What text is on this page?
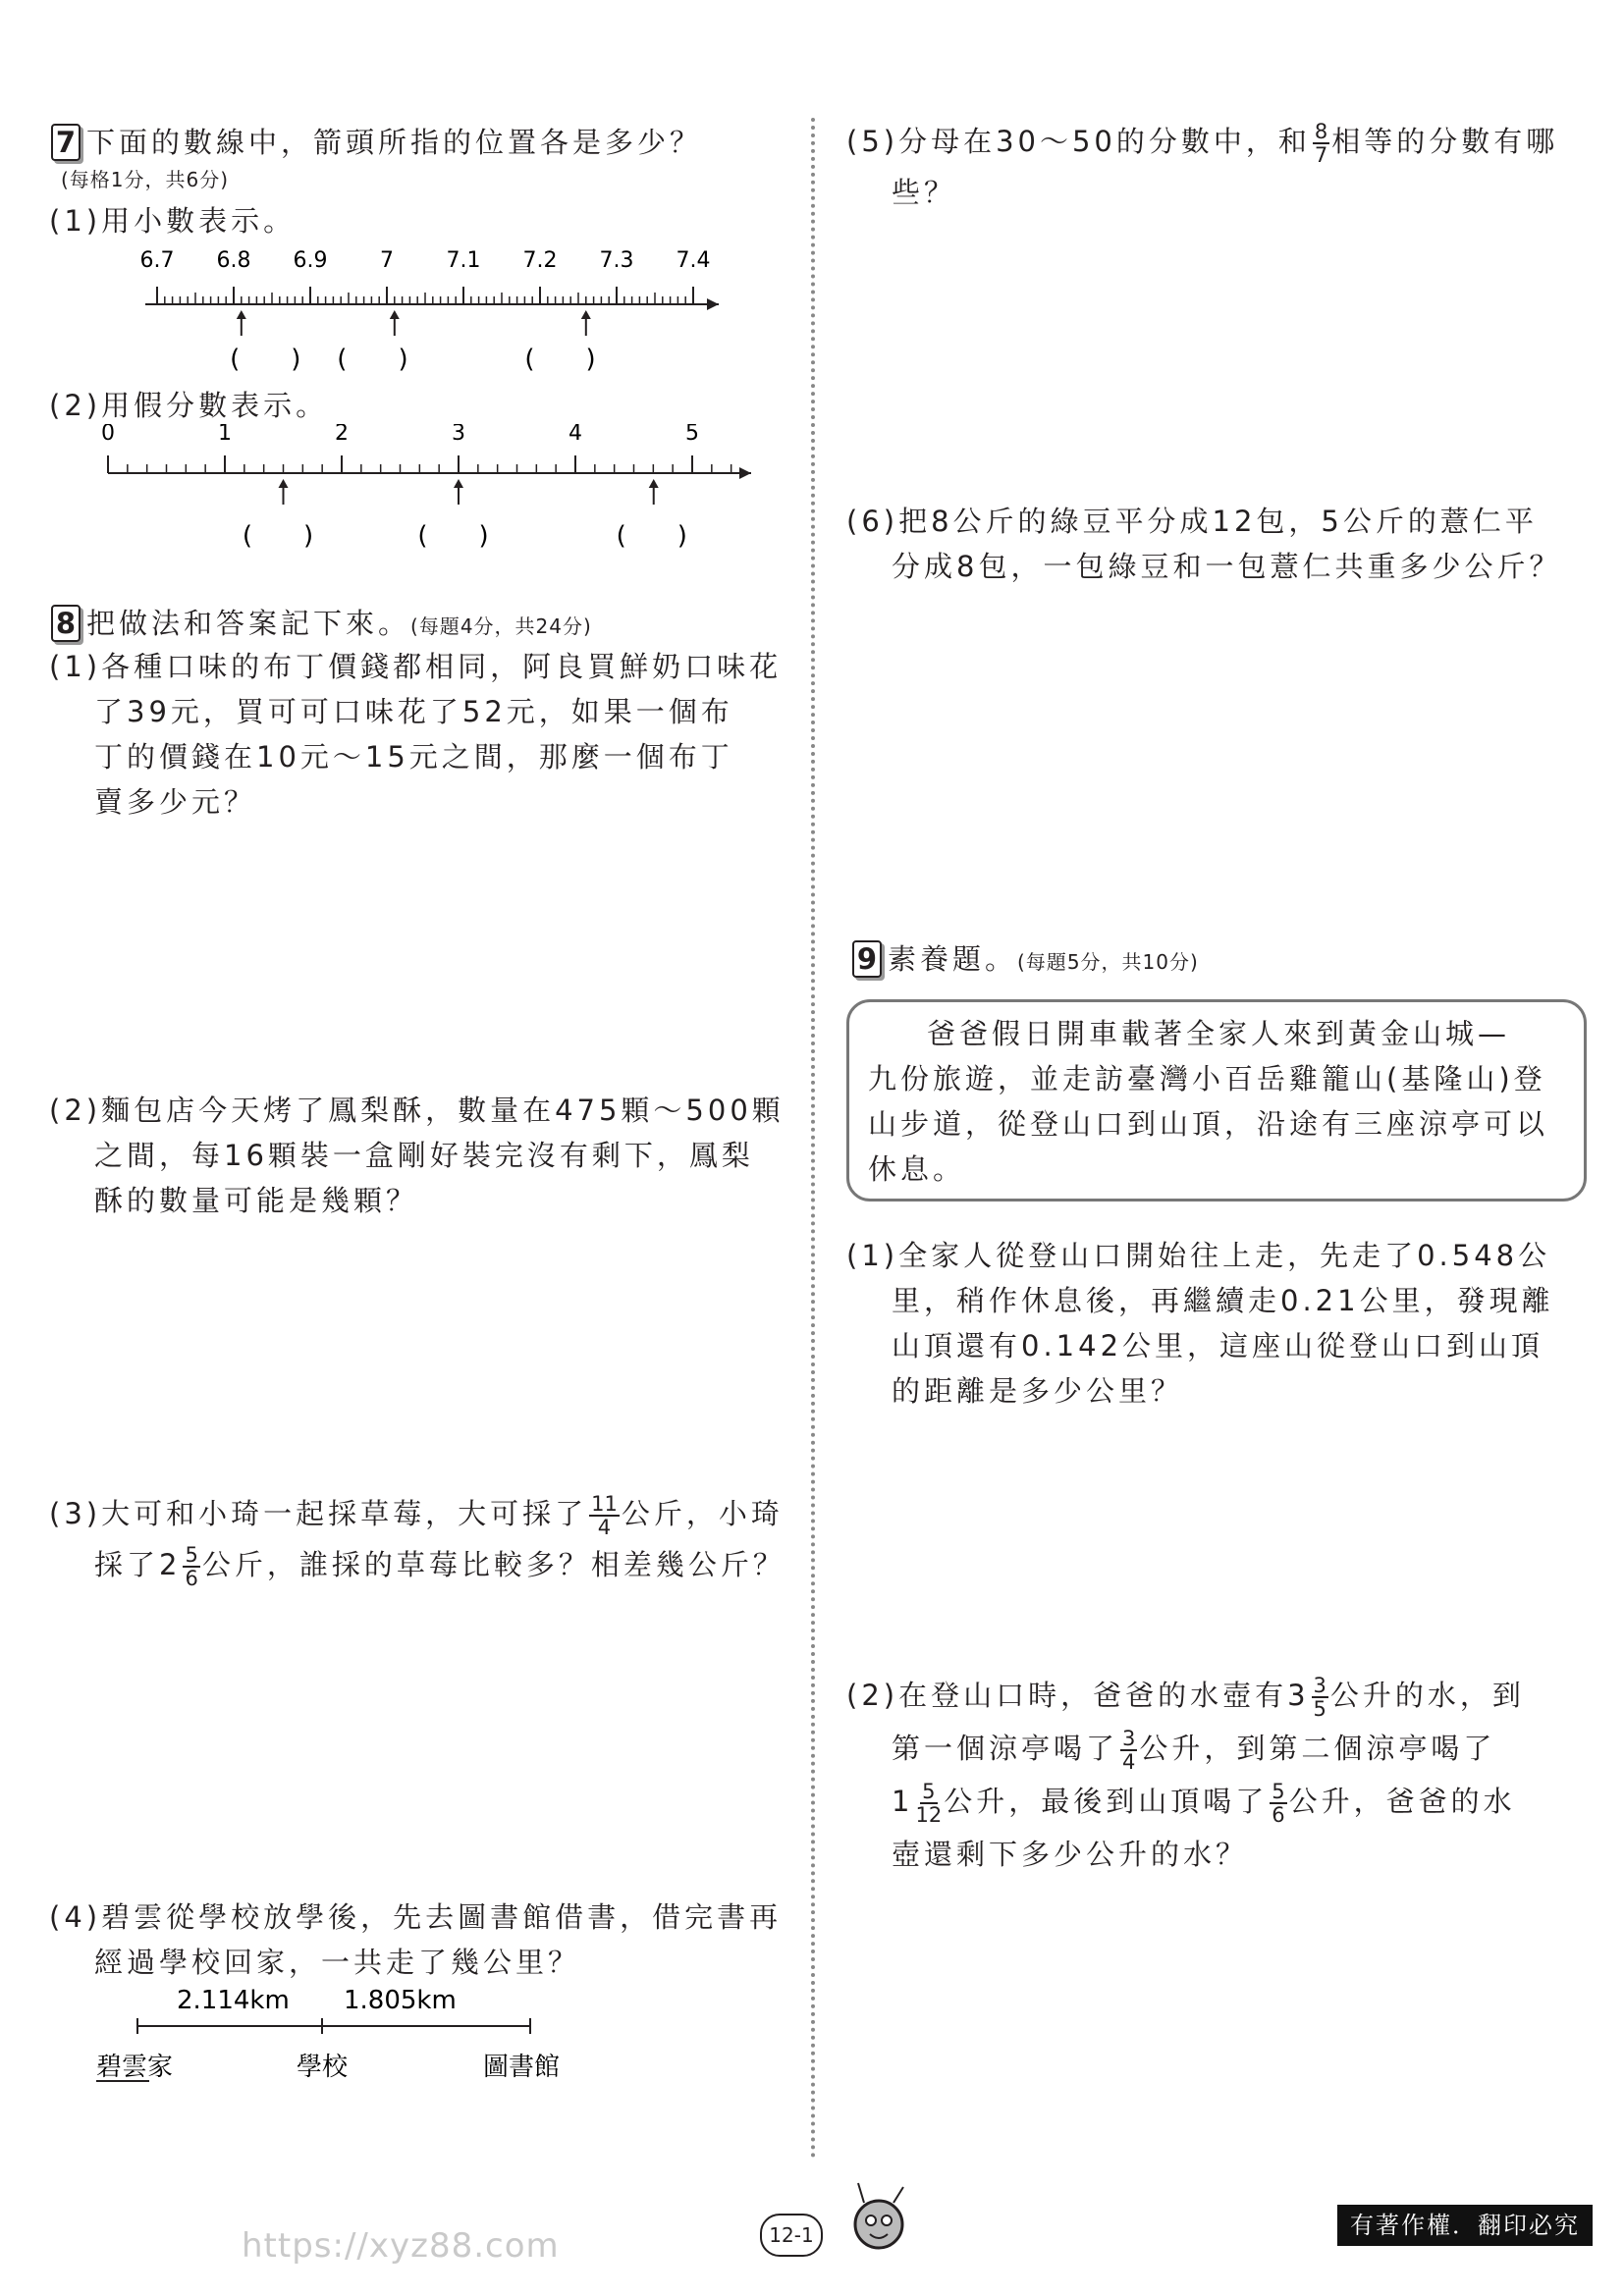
7 下面的數線中，箭頭所指的位置各是多少？
(每格1分，共6分)
(1)用小數表示。
6.7 6.8 6.9 7 7.1 7.2 7.3 7.4
(　　) (　　)	(　　)
(2)用假分數表示。
0	1	2	3	4	5
(　　)	(　　)	(　　)
8 把做法和答案記下來。(每題4分，共24分)
(1)各種口味的布丁價錢都相同，阿良買鮮奶口味花
了39元，買可可口味花了52元，如果一個布
丁的價錢在10元～15元之間，那麼一個布丁
賣多少元？
(2)麵包店今天烤了鳳梨酥，數量在475顆～500顆
之間，每16顆裝一盒剛好裝完沒有剩下，鳳梨
酥的數量可能是幾顆？
(3)大可和小琦一起採草莓，大可採了 $\frac{11}{4}$ 公斤，小琦
採了$2 \frac{5}{6}$ 公斤，誰採的草莓比較多？相差幾公斤？
(4)碧雲從學校放學後，先去圖書館借書，借完書再
經過學校回家，一共走了幾公里？
2.114km 1.805km
碧雲家	學校	圖書館
(5)分母在30～50的分數中，和 $\frac{8}{7}$ 相等的分數有哪
些？
(6)把8公斤的綠豆平分成12包，5公斤的薏仁平
分成8包，一包綠豆和一包薏仁共重多少公斤？
9 素養題。(每題5分，共10分)
爸爸假日開車載著全家人來到黃金山城—
九份旅遊，並走訪臺灣小百岳雞籠山(基隆山)登
山步道，從登山口到山頂，沿途有三座涼亭可以
休息。
(1)全家人從登山口開始往上走，先走了0.548公
里，稍作休息後，再繼續走0.21公里，發現離
山頂還有0.142公里，這座山從登山口到山頂
的距離是多少公里？
(2)在登山口時，爸爸的水壺有$3 \frac{3}{5}$ 公升的水，到
第一個涼亭喝了 $\frac{3}{4}$ 公升，到第二個涼亭喝了
$1 \frac{5}{12}$ 公升，最後到山頂喝了 $\frac{5}{6}$ 公升，爸爸的水
壺還剩下多少公升的水？
12-1	有著作權．翻印必究
https://xyz88.com
